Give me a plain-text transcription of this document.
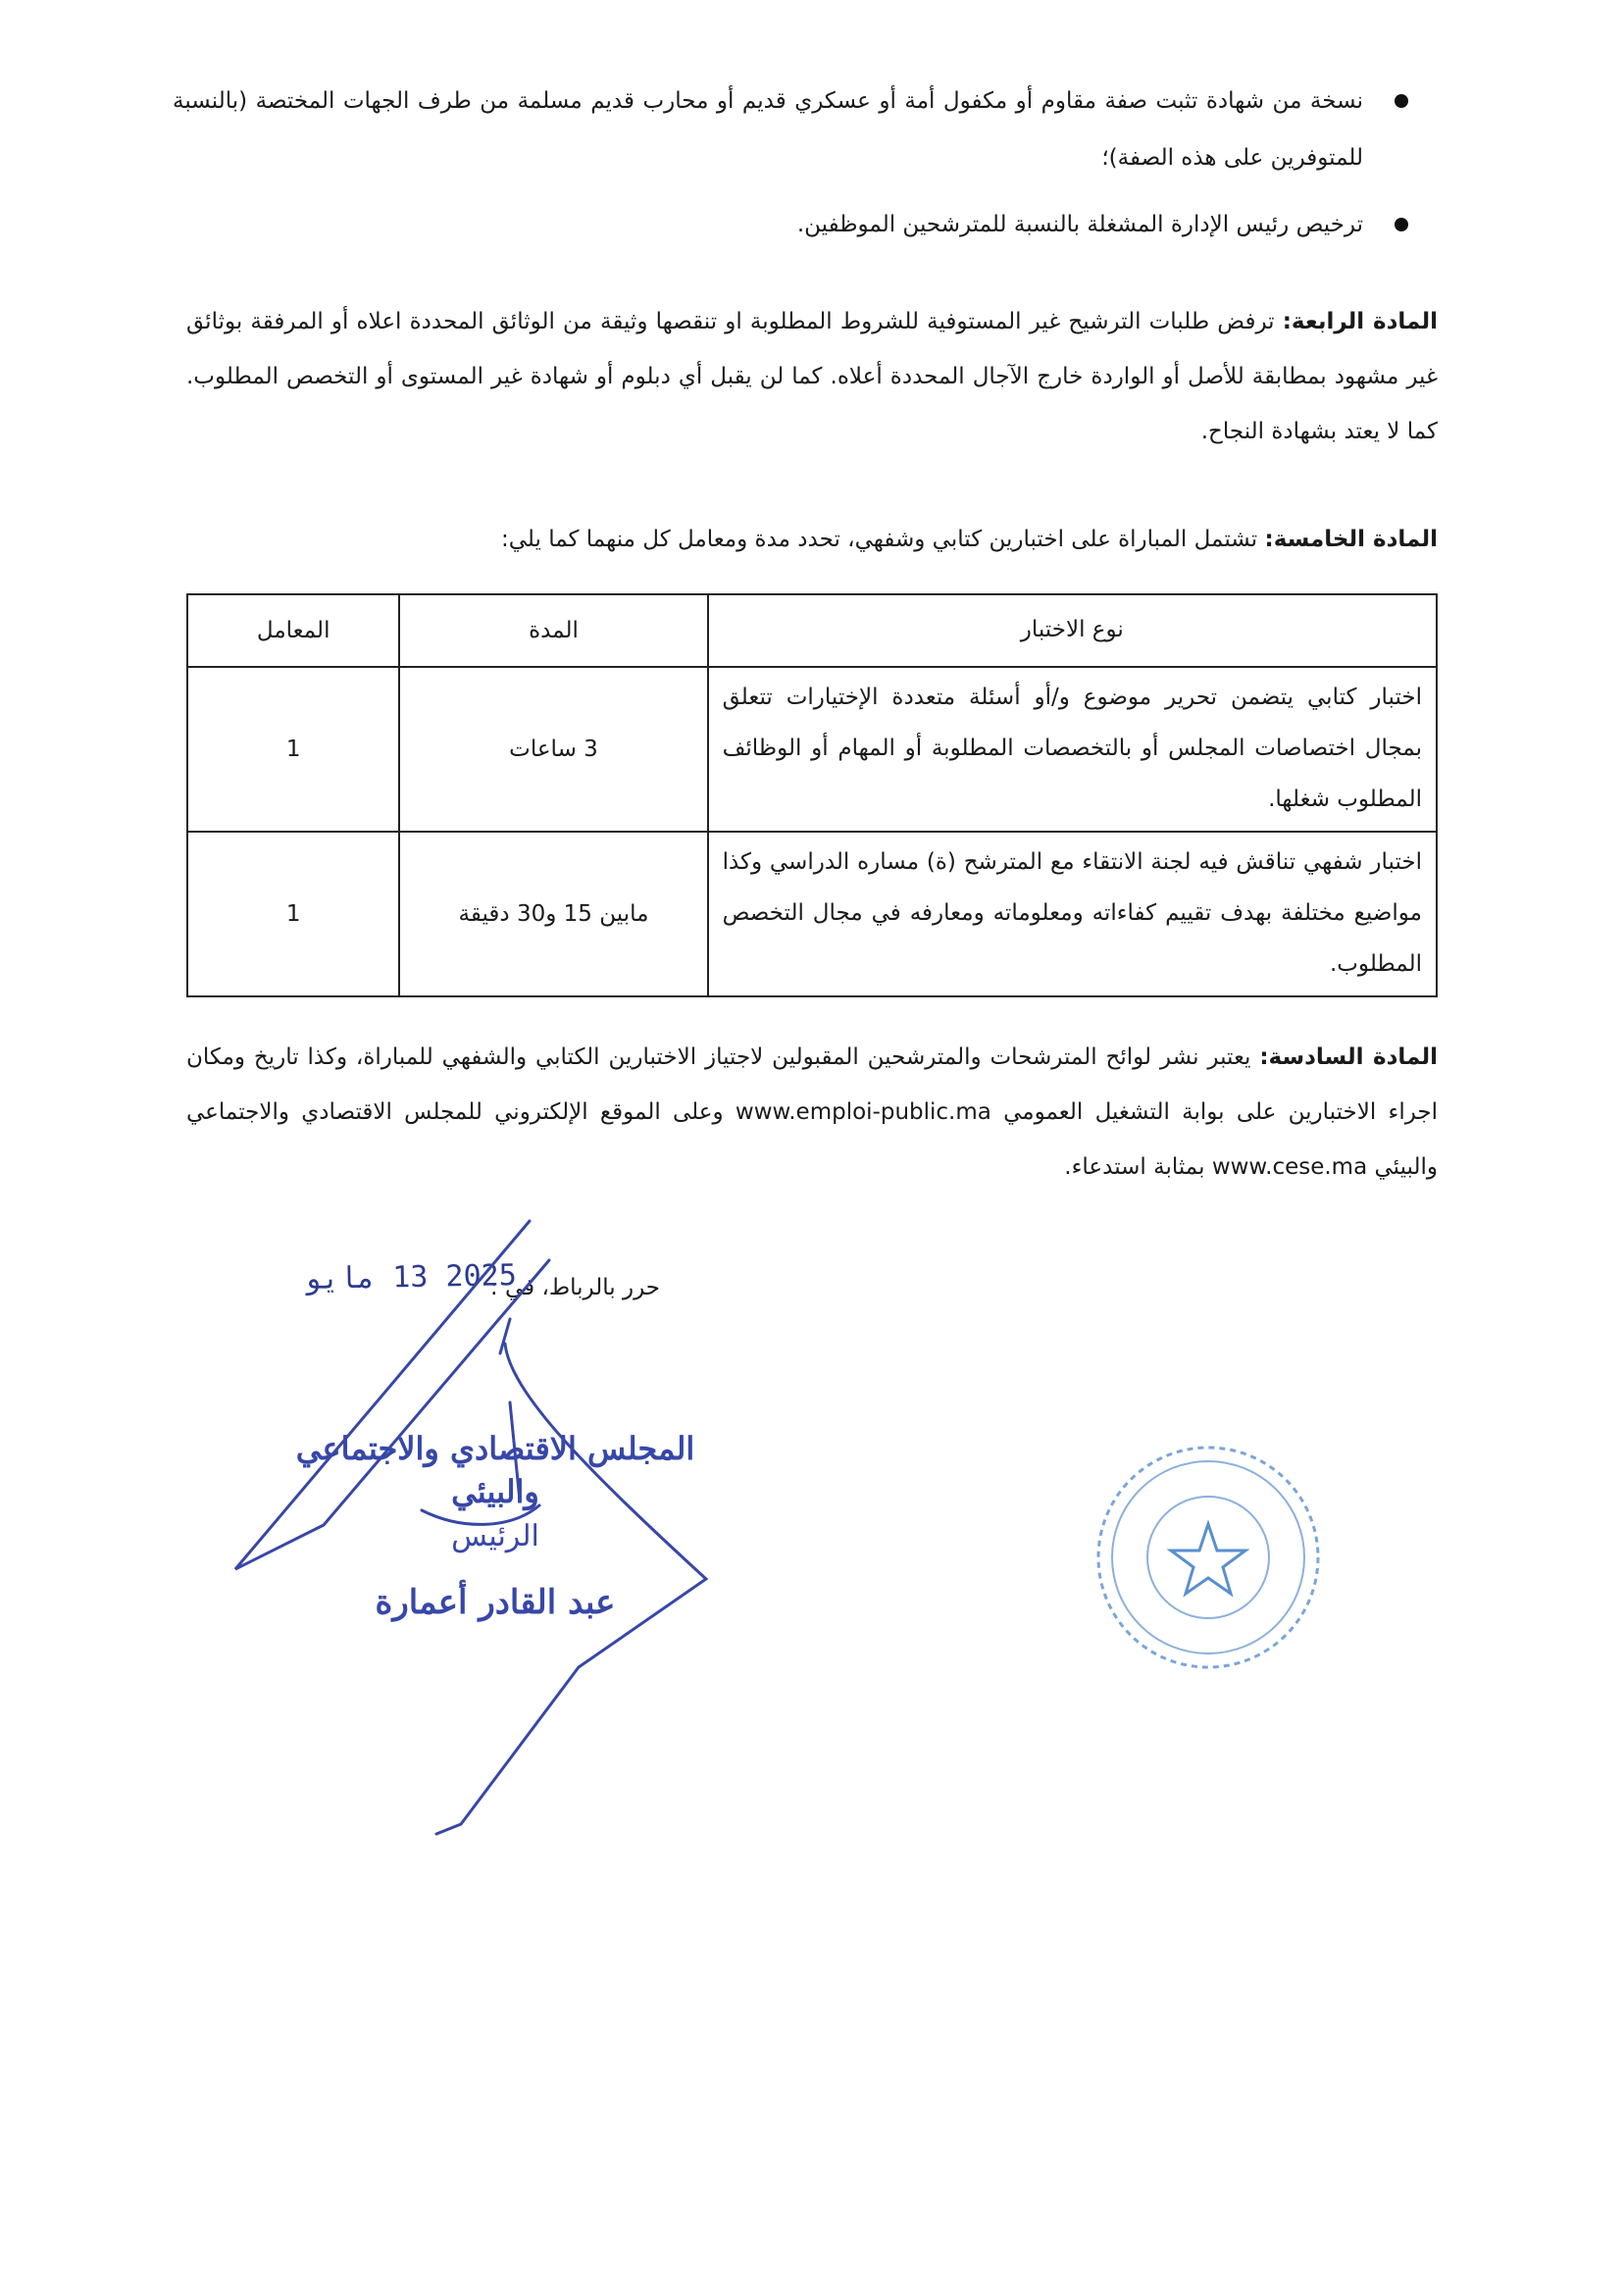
نسخة من شهادة تثبت صفة مقاوم أو مكفول أمة أو عسكري قديم أو محارب قديم مسلمة من طرف الجهات المختصة (بالنسبة للمتوفرين على هذه الصفة)؛
ترخيص رئيس الإدارة المشغلة بالنسبة للمترشحين الموظفين.
المادة الرابعة: ترفض طلبات الترشيح غير المستوفية للشروط المطلوبة او تنقصها وثيقة من الوثائق المحددة اعلاه أو المرفقة بوثائق غير مشهود بمطابقة للأصل أو الواردة خارج الآجال المحددة أعلاه. كما لن يقبل أي دبلوم أو شهادة غير المستوى أو التخصص المطلوب. كما لا يعتد بشهادة النجاح.
المادة الخامسة: تشتمل المباراة على اختبارين كتابي وشفهي، تحدد مدة ومعامل كل منهما كما يلي:
نوع الاختبار	المدة	المعامل
اختبار كتابي يتضمن تحرير موضوع و/أو أسئلة متعددة الإختيارات تتعلق بمجال اختصاصات المجلس أو بالتخصصات المطلوبة أو المهام أو الوظائف المطلوب شغلها.	3 ساعات	1
اختبار شفهي تناقش فيه لجنة الانتقاء مع المترشح (ة) مساره الدراسي وكذا مواضيع مختلفة بهدف تقييم كفاءاته ومعلوماته ومعارفه في مجال التخصص المطلوب.	مابين 15 و30 دقيقة	1
المادة السادسة: يعتبر نشر لوائح المترشحات والمترشحين المقبولين لاجتياز الاختبارين الكتابي والشفهي للمباراة، وكذا تاريخ ومكان اجراء الاختبارين على بوابة التشغيل العمومي www.emploi-public.ma وعلى الموقع الإلكتروني للمجلس الاقتصادي والاجتماعي والبيئي www.cese.ma بمثابة استدعاء.
حرر بالرباط، في :
2025 13 مايو
المجلس الاقتصادي والاجتماعي والبيئي
الرئيس
عبد القادر أعمارة
